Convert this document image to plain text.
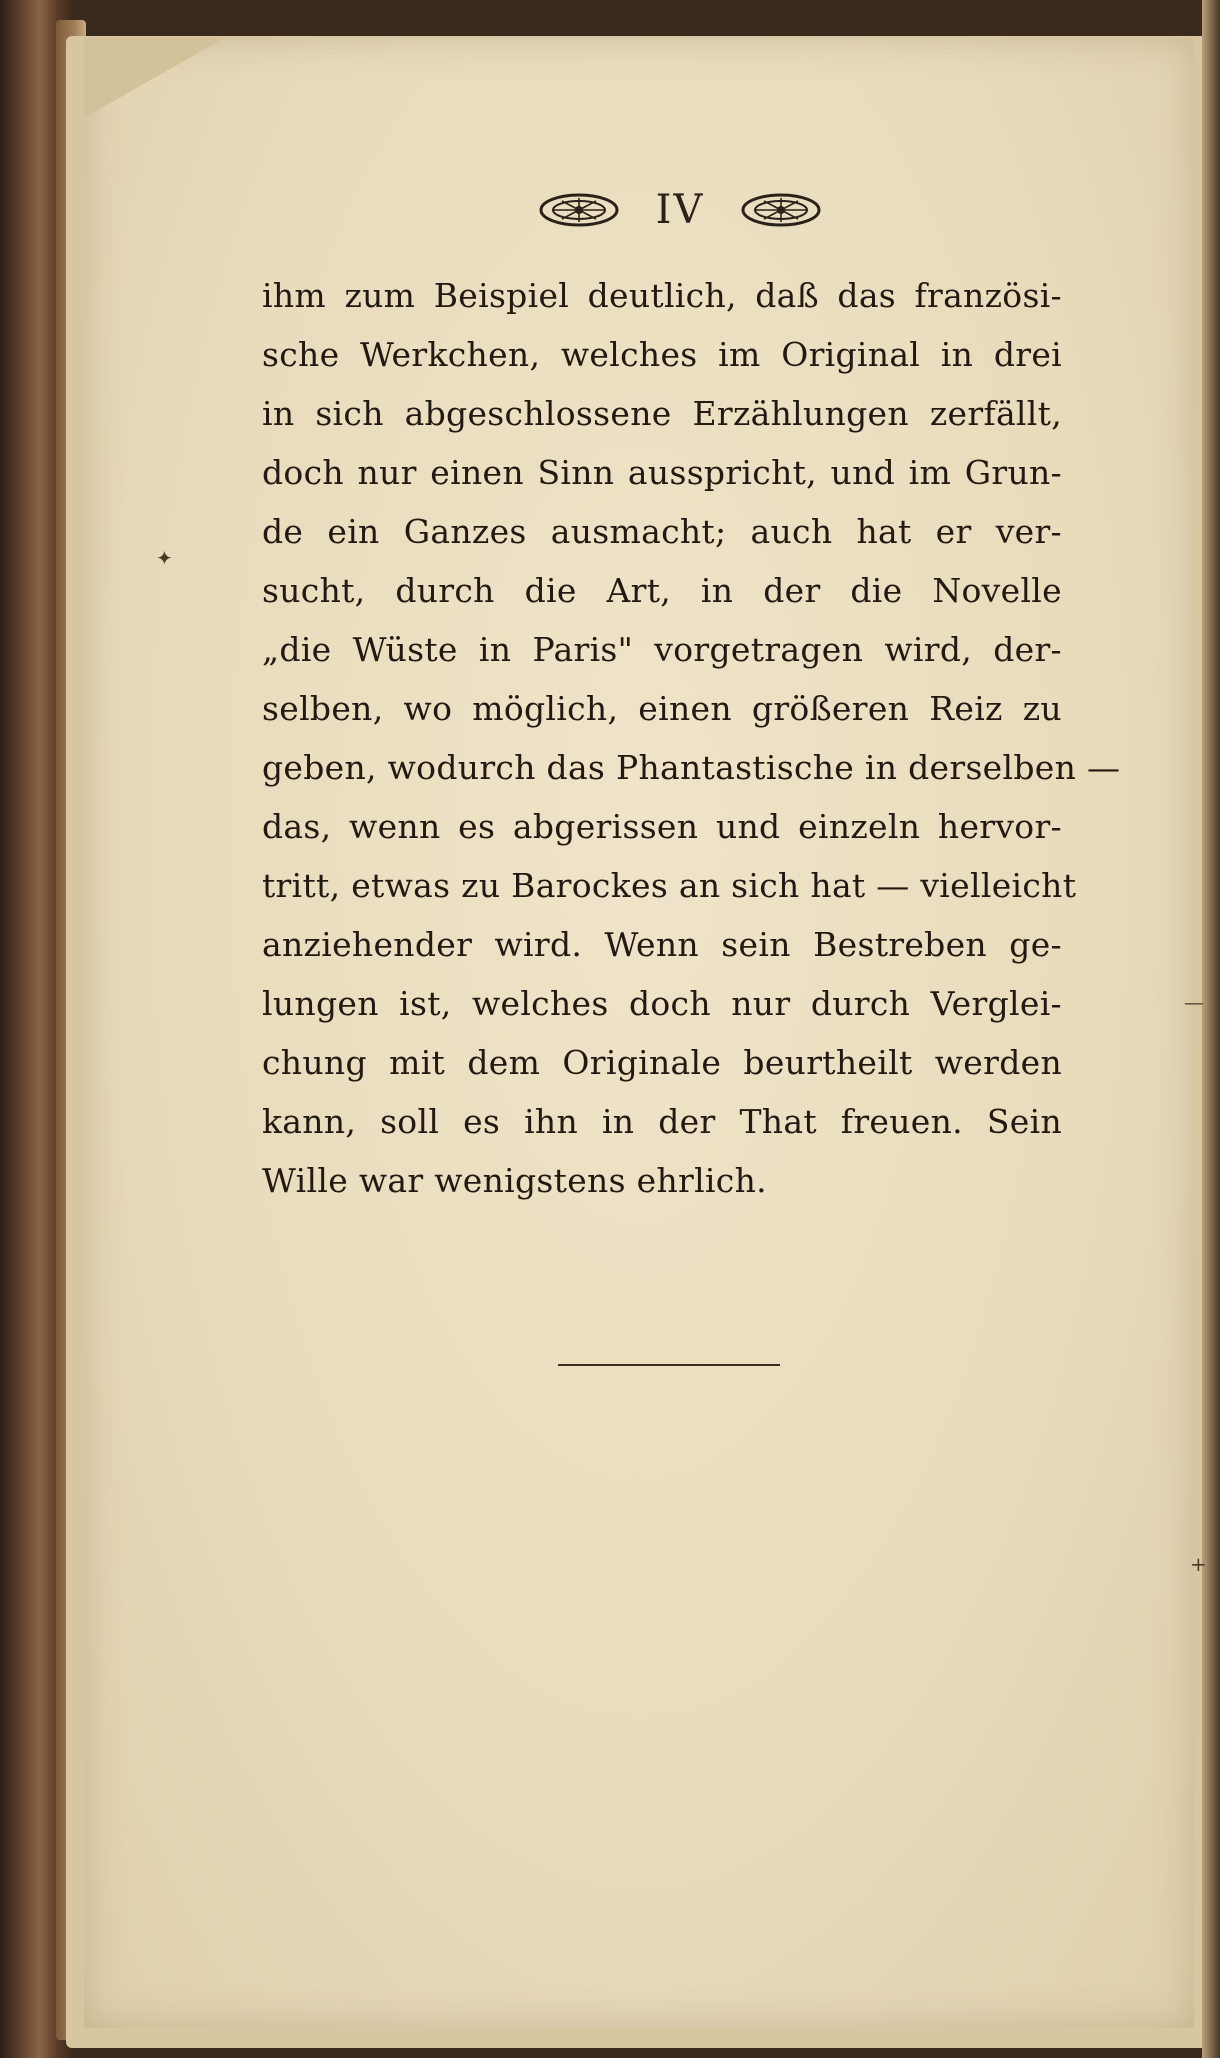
IV
ihm zum Beispiel deutlich, daß das französi-
sche Werkchen, welches im Original in drei
in sich abgeschlossene Erzählungen zerfällt,
doch nur einen Sinn ausspricht, und im Grun-
de ein Ganzes ausmacht; auch hat er ver-
sucht, durch die Art, in der die Novelle
„die Wüste in Paris" vorgetragen wird, der-
selben, wo möglich, einen größeren Reiz zu
geben, wodurch das Phantastische in derselben —
das, wenn es abgerissen und einzeln hervor-
tritt, etwas zu Barockes an sich hat — vielleicht
anziehender wird. Wenn sein Bestreben ge-
lungen ist, welches doch nur durch Verglei-
chung mit dem Originale beurtheilt werden
kann, soll es ihn in der That freuen. Sein
Wille war wenigstens ehrlich.
✦
—
+
